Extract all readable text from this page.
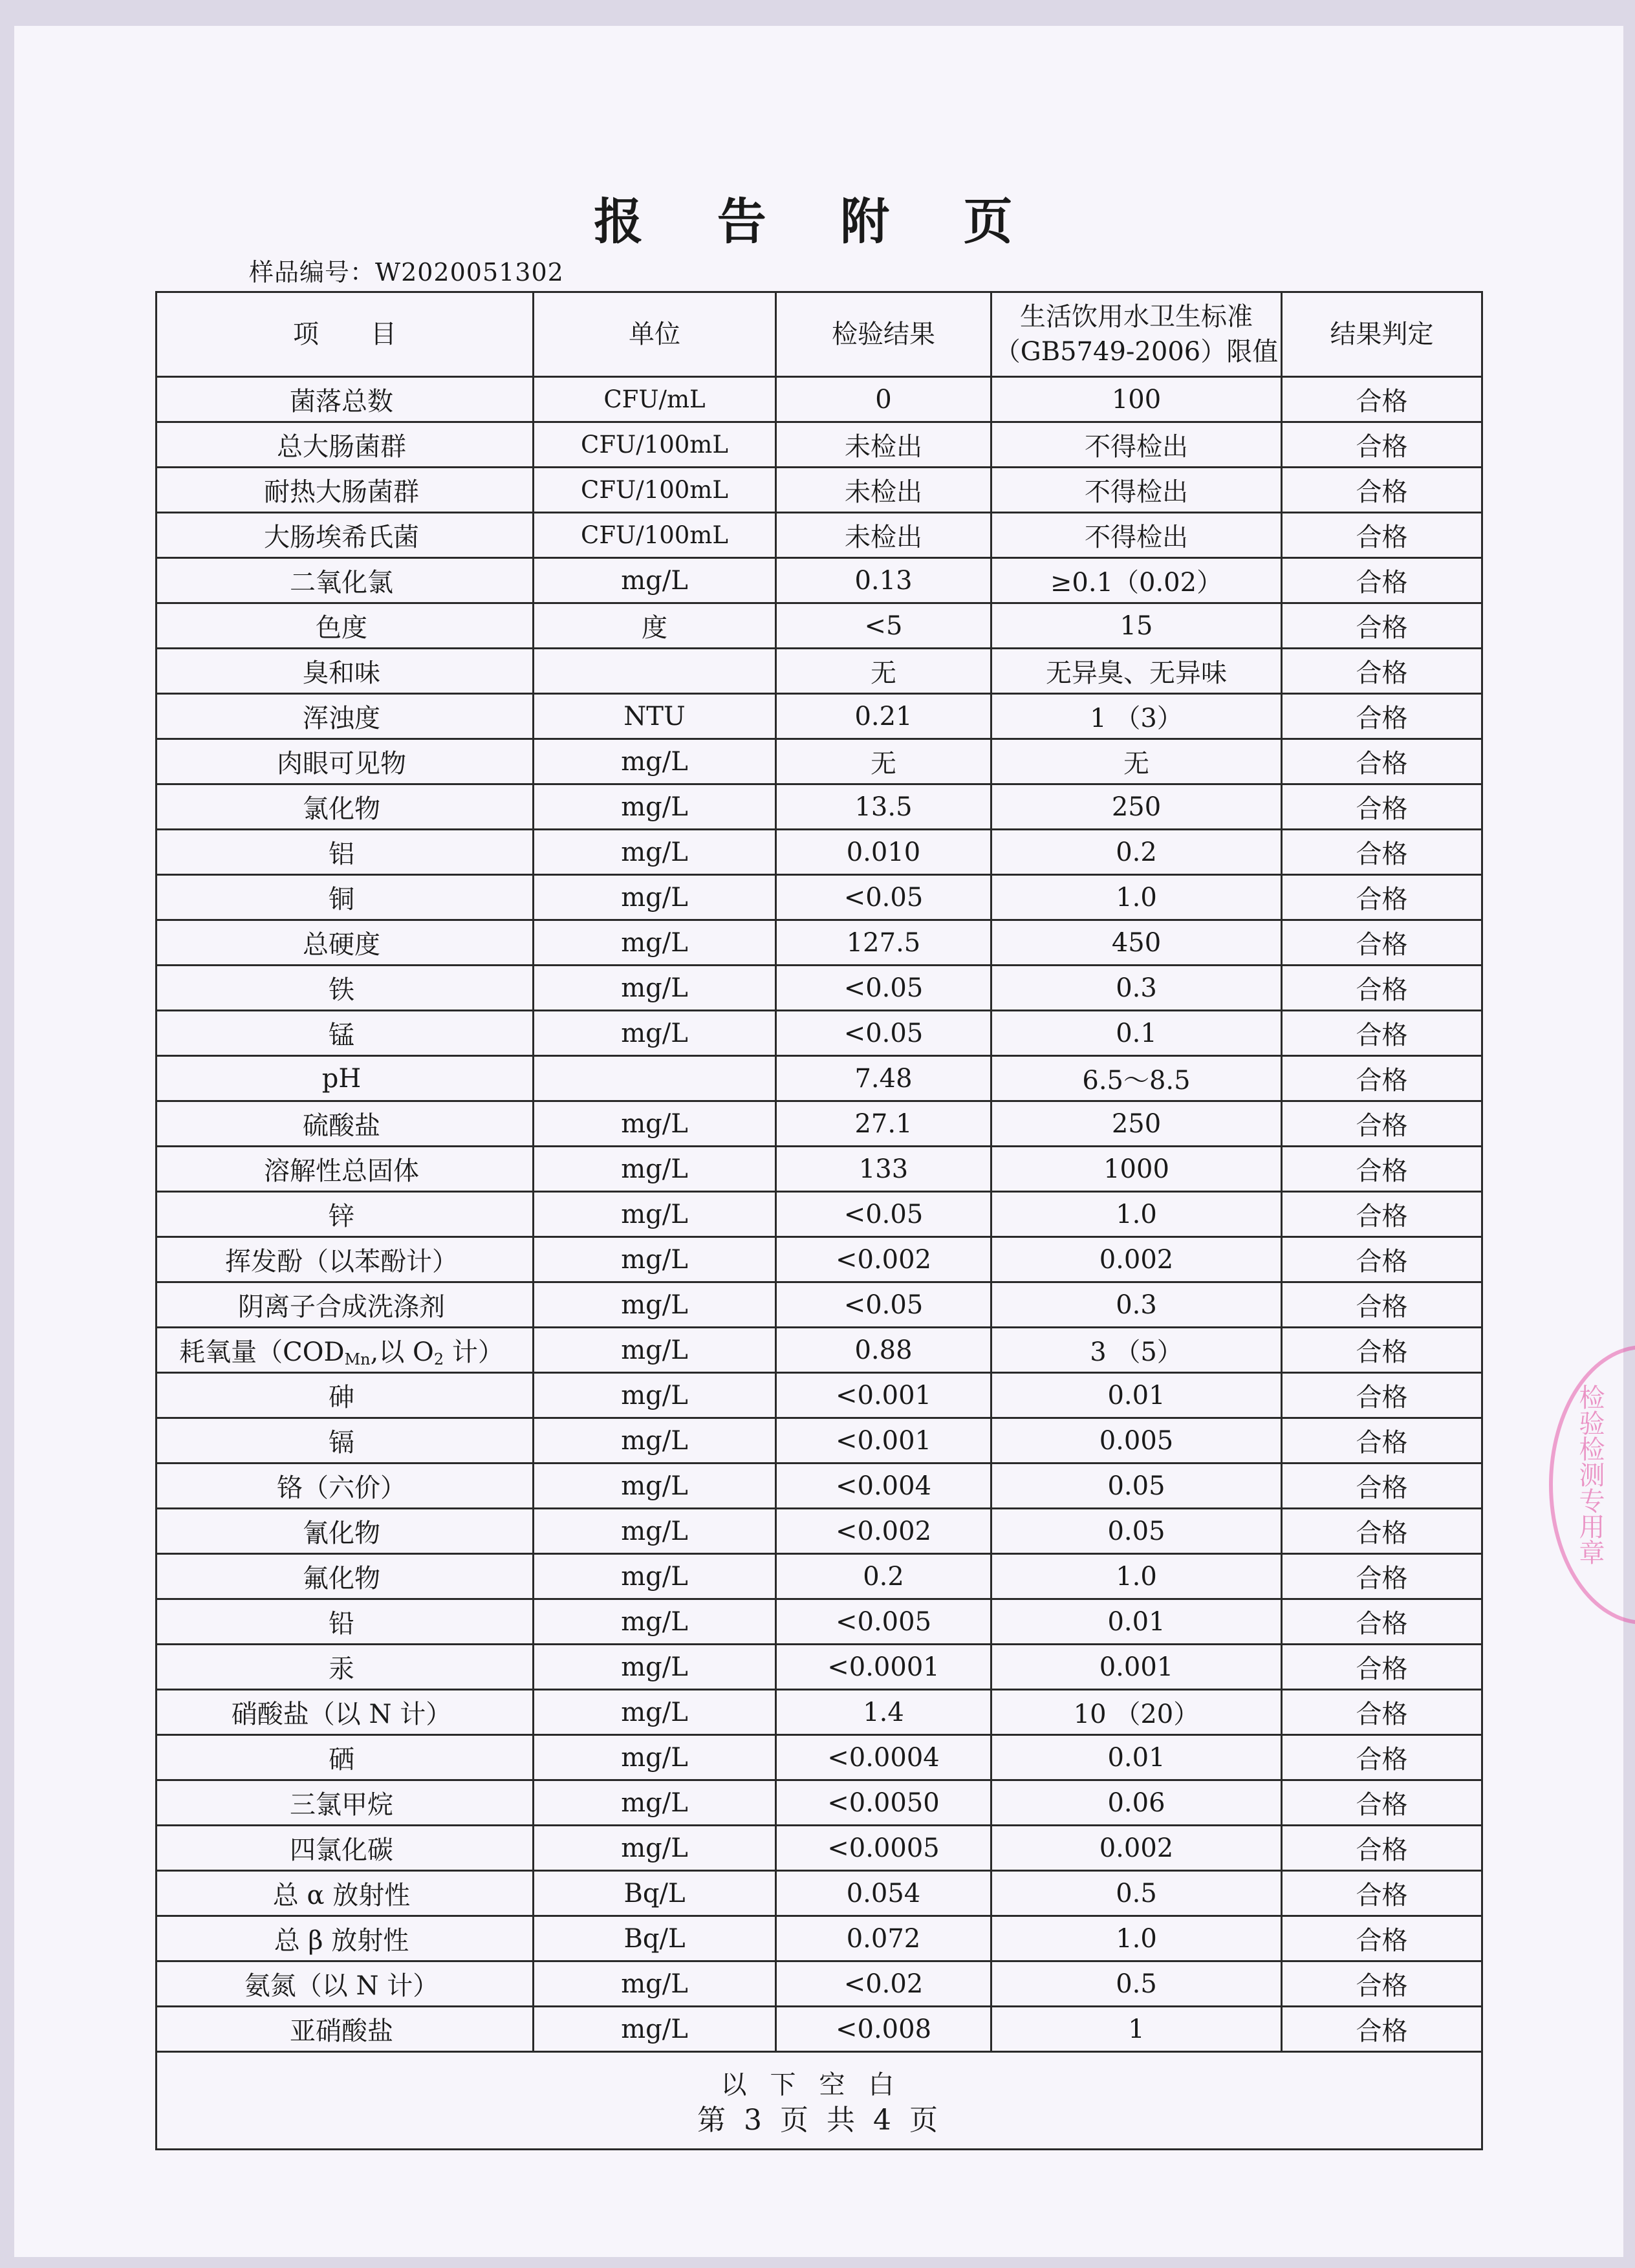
报 告 附 页
样品编号：W2020051302
项　　目	单位	检验结果	生活饮用水卫生标准
（GB5749-2006）限值	结果判定
菌落总数	CFU/mL	0	100	合格
总大肠菌群	CFU/100mL	未检出	不得检出	合格
耐热大肠菌群	CFU/100mL	未检出	不得检出	合格
大肠埃希氏菌	CFU/100mL	未检出	不得检出	合格
二氧化氯	mg/L	0.13	≥0.1（0.02）	合格
色度	度	<5	15	合格
臭和味		无	无异臭、无异味	合格
浑浊度	NTU	0.21	1 （3）	合格
肉眼可见物	mg/L	无	无	合格
氯化物	mg/L	13.5	250	合格
铝	mg/L	0.010	0.2	合格
铜	mg/L	<0.05	1.0	合格
总硬度	mg/L	127.5	450	合格
铁	mg/L	<0.05	0.3	合格
锰	mg/L	<0.05	0.1	合格
pH		7.48	6.5～8.5	合格
硫酸盐	mg/L	27.1	250	合格
溶解性总固体	mg/L	133	1000	合格
锌	mg/L	<0.05	1.0	合格
挥发酚（以苯酚计）	mg/L	<0.002	0.002	合格
阴离子合成洗涤剂	mg/L	<0.05	0.3	合格
耗氧量（$COD_{Mn}$,以 $O_2$ 计）	mg/L	0.88	3 （5）	合格
砷	mg/L	<0.001	0.01	合格
镉	mg/L	<0.001	0.005	合格
铬（六价）	mg/L	<0.004	0.05	合格
氰化物	mg/L	<0.002	0.05	合格
氟化物	mg/L	0.2	1.0	合格
铅	mg/L	<0.005	0.01	合格
汞	mg/L	<0.0001	0.001	合格
硝酸盐（以 N 计）	mg/L	1.4	10 （20）	合格
硒	mg/L	<0.0004	0.01	合格
三氯甲烷	mg/L	<0.0050	0.06	合格
四氯化碳	mg/L	<0.0005	0.002	合格
总 α 放射性	Bq/L	0.054	0.5	合格
总 β 放射性	Bq/L	0.072	1.0	合格
氨氮（以 N 计）	mg/L	<0.02	0.5	合格
亚硝酸盐	mg/L	<0.008	1	合格
以下空白				
第 3 页 共 4 页
检验检测专用章
